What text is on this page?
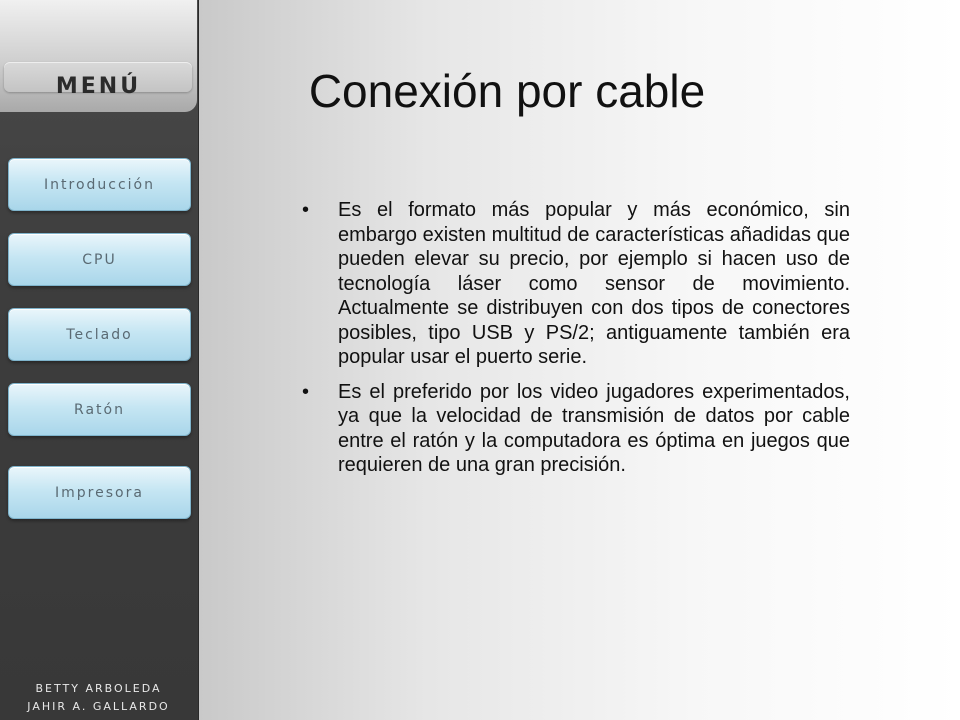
MENÚ
Introducción
CPU
Teclado
Ratón
Impresora
BETTY ARBOLEDA
JAHIR A. GALLARDO
Conexión por cable
• Es el formato más popular y más económico, sin embargo existen multitud de características añadidas que pueden elevar su precio, por ejemplo si hacen uso de tecnología láser como sensor de movimiento. Actualmente se distribuyen con dos tipos de conectores posibles, tipo USB y PS/2; antiguamente también era popular usar el puerto serie.
• Es el preferido por los video jugadores experimentados, ya que la velocidad de transmisión de datos por cable entre el ratón y la computadora es óptima en juegos que requieren de una gran precisión.
